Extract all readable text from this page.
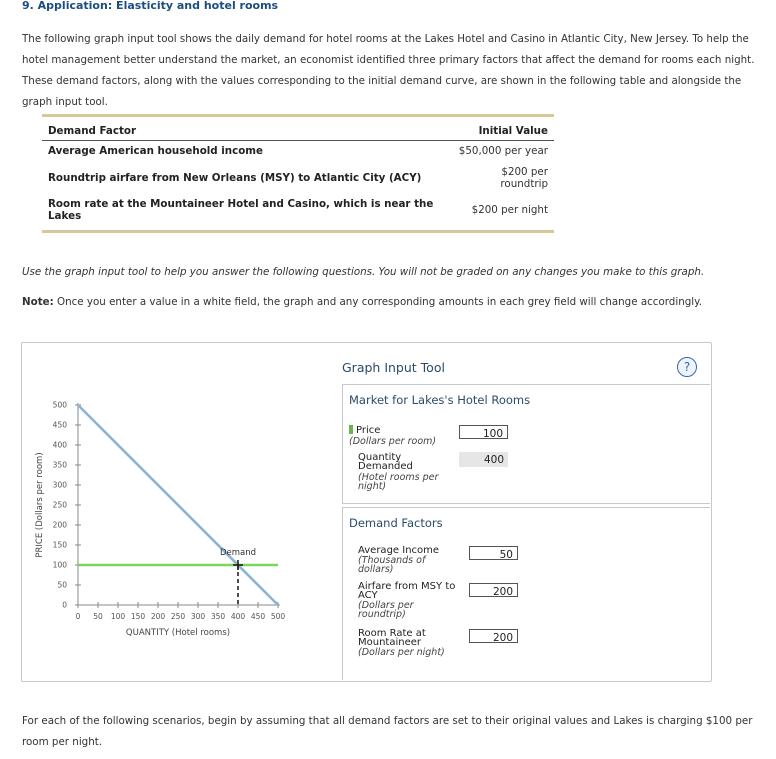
9. Application: Elasticity and hotel rooms
The following graph input tool shows the daily demand for hotel rooms at the Lakes Hotel and Casino in Atlantic City, New Jersey. To help the hotel management better understand the market, an economist identified three primary factors that affect the demand for rooms each night. These demand factors, along with the values corresponding to the initial demand curve, are shown in the following table and alongside the graph input tool.
Demand Factor	Initial Value
Average American household income	$50,000 per year
Roundtrip airfare from New Orleans (MSY) to Atlantic City (ACY)	$200 per roundtrip
Room rate at the Mountaineer Hotel and Casino, which is near the Lakes	$200 per night
Use the graph input tool to help you answer the following questions. You will not be graded on any changes you make to this graph.
Note: Once you enter a value in a white field, the graph and any corresponding amounts in each grey field will change accordingly.
0 50 100 150 200 250 300 350 400 450 500
0
50
100
150
200
250
300
350
400
450
500
QUANTITY (Hotel rooms)
PRICE (Dollars per room)	Demand
Graph Input Tool	?
Market for Lakes's Hotel Rooms
Price
(Dollars per room)
100
Quantity Demanded
(Hotel rooms per night)
400
Demand Factors
Average Income
(Thousands of dollars)
50
Airfare from MSY to ACY
(Dollars per roundtrip)
200
Room Rate at Mountaineer
(Dollars per night)
200
For each of the following scenarios, begin by assuming that all demand factors are set to their original values and Lakes is charging $100 per room per night.
